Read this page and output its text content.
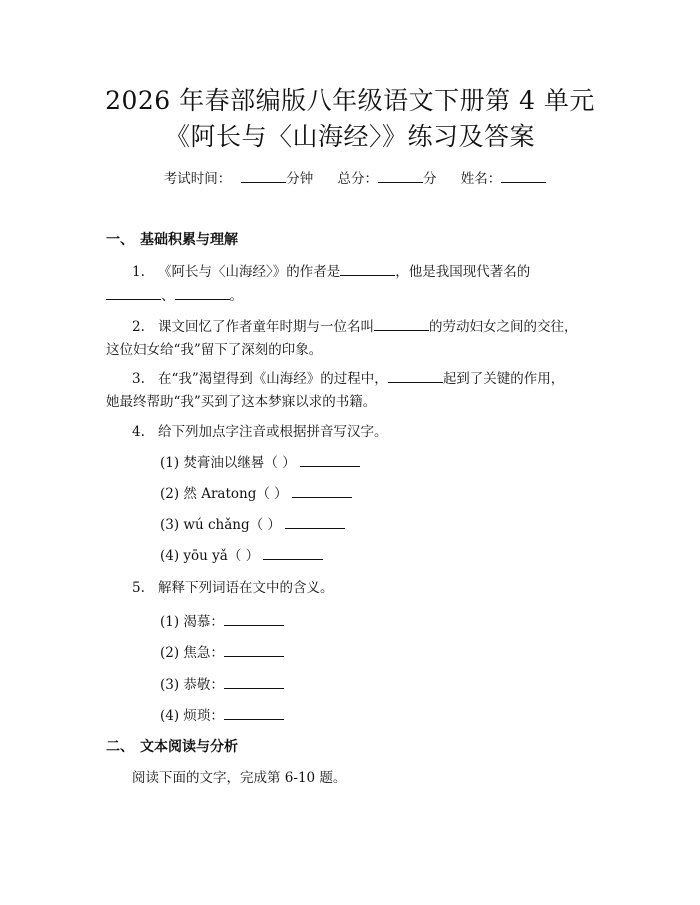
2026 年春部编版八年级语文下册第 4 单元
《阿长与〈山海经〉》练习及答案
考试时间：	分钟 总分：	分 姓名：
一、 基础积累与理解
1. 《阿长与〈山海经〉》的作者是	，他是我国现代著名的
、	。
2. 课文回忆了作者童年时期与一位名叫	的劳动妇女之间的交往，
这位妇女给“我”留下了深刻的印象。
3. 在“我”渴望得到《山海经》的过程中，	起到了关键的作用，
她最终帮助“我”买到了这本梦寐以求的书籍。
4. 给下列加点字注音或根据拼音写汉字。
(1) 焚膏油以继晷（ ）
(2) 然 Aratong（ ）
(3) wú chǎng（ ）
(4) yōu yǎ（ ）
5. 解释下列词语在文中的含义。
(1) 渴慕：
(2) 焦急：
(3) 恭敬：
(4) 烦琐：
二、 文本阅读与分析
阅读下面的文字，完成第 6-10 题。
